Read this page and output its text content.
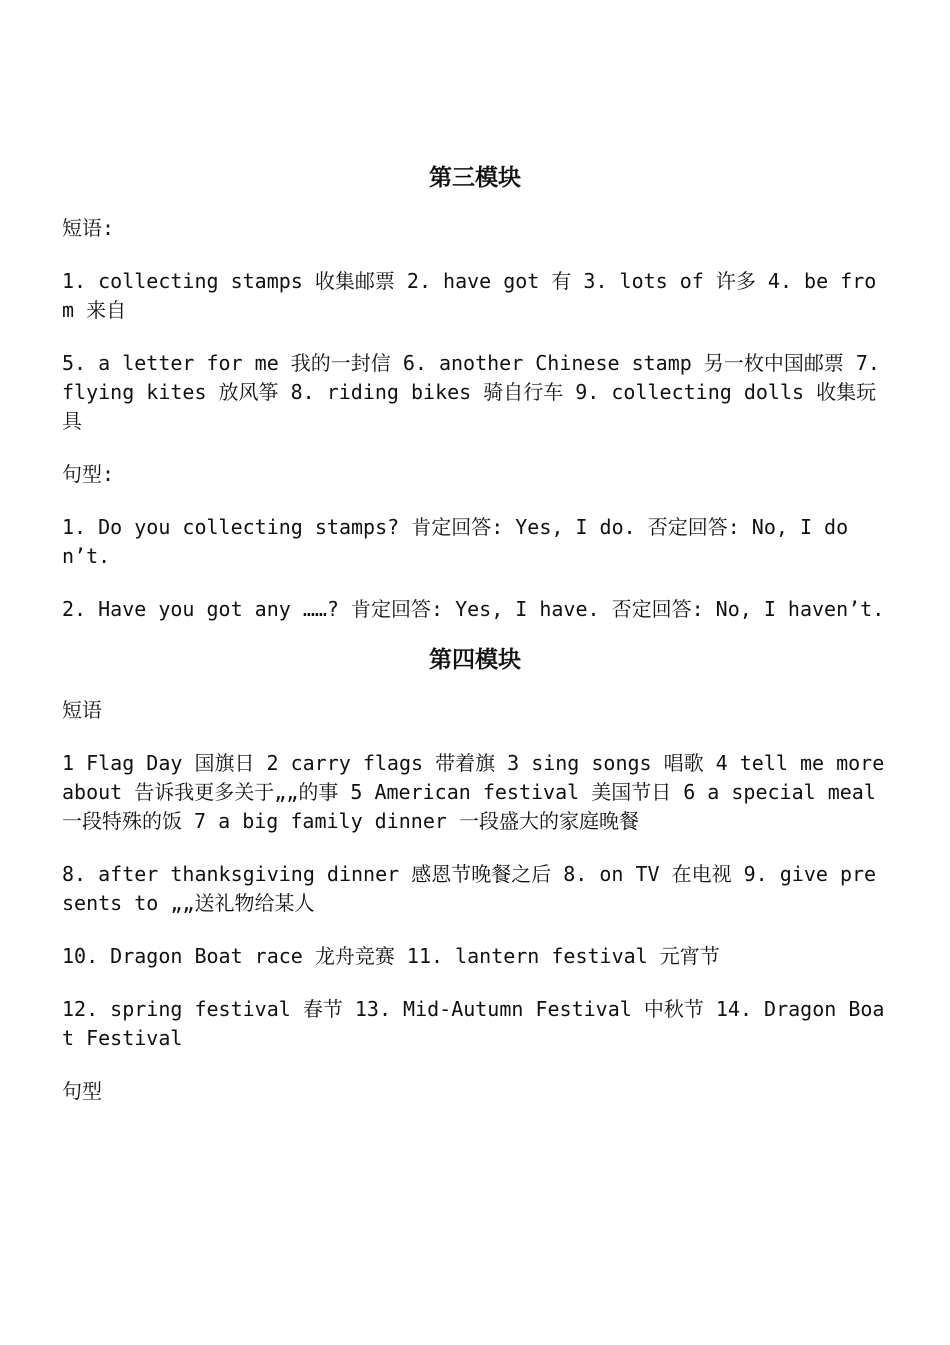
第三模块

短语:

1. collecting stamps 收集邮票 2. have got 有 3. lots of 许多 4. be from 来自

5. a letter for me 我的一封信 6. another Chinese stamp 另一枚中国邮票 7. flying kites 放风筝 8. riding bikes 骑自行车 9. collecting dolls 收集玩具

句型:

1. Do you collecting stamps? 肯定回答: Yes, I do. 否定回答: No, I don’t.

2. Have you got any ……? 肯定回答: Yes, I have. 否定回答: No, I haven’t.

第四模块

短语

1 Flag Day 国旗日 2 carry flags 带着旗 3 sing songs 唱歌 4 tell me more about 告诉我更多关于„„的事 5 American festival 美国节日 6 a special meal 一段特殊的饭 7 a big family dinner 一段盛大的家庭晚餐

8. after thanksgiving dinner 感恩节晚餐之后 8. on TV 在电视 9. give presents to „„送礼物给某人

10. Dragon Boat race 龙舟竞赛 11. lantern festival 元宵节

12. spring festival 春节 13. Mid-Autumn Festival 中秋节 14. Dragon Boat Festival

句型
